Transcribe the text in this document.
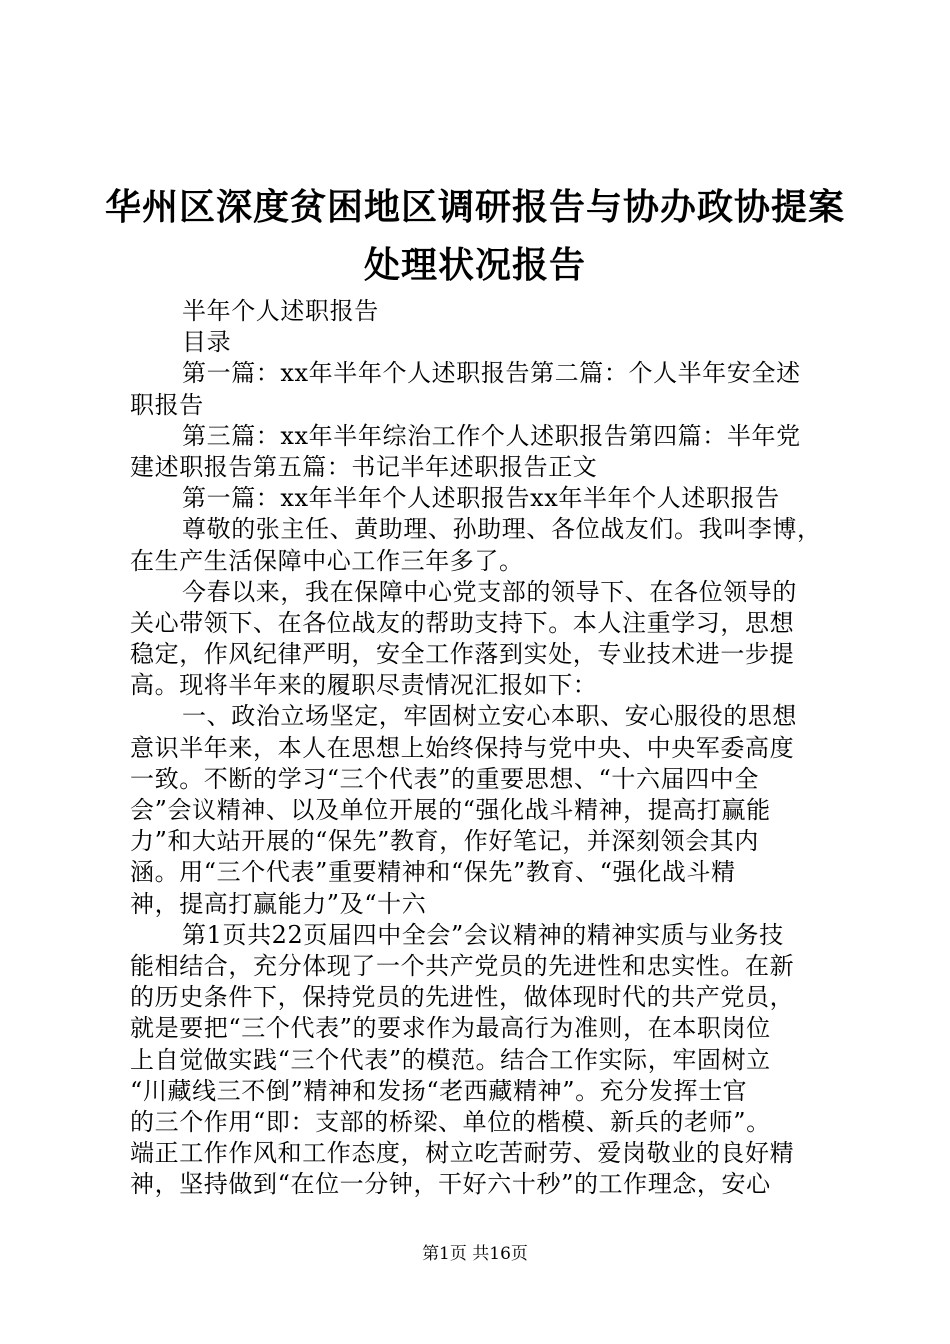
华州区深度贫困地区调研报告与协办政协提案
处理状况报告
半年个人述职报告
目录
第一篇：xx年半年个人述职报告第二篇：个人半年安全述
职报告
第三篇：xx年半年综治工作个人述职报告第四篇：半年党
建述职报告第五篇：书记半年述职报告正文
第一篇：xx年半年个人述职报告xx年半年个人述职报告
尊敬的张主任、黄助理、孙助理、各位战友们。我叫李博，
在生产生活保障中心工作三年多了。
今春以来，我在保障中心党支部的领导下、在各位领导的
关心带领下、在各位战友的帮助支持下。本人注重学习，思想
稳定，作风纪律严明，安全工作落到实处，专业技术进一步提
高。现将半年来的履职尽责情况汇报如下：
一、政治立场坚定，牢固树立安心本职、安心服役的思想
意识半年来，本人在思想上始终保持与党中央、中央军委高度
一致。不断的学习“三个代表”的重要思想、“十六届四中全
会”会议精神、以及单位开展的“强化战斗精神，提高打赢能
力”和大站开展的“保先”教育，作好笔记，并深刻领会其内
涵。用“三个代表”重要精神和“保先”教育、“强化战斗精
神，提高打赢能力”及“十六
第1页共22页届四中全会”会议精神的精神实质与业务技
能相结合，充分体现了一个共产党员的先进性和忠实性。在新
的历史条件下，保持党员的先进性，做体现时代的共产党员，
就是要把“三个代表”的要求作为最高行为准则，在本职岗位
上自觉做实践“三个代表”的模范。结合工作实际，牢固树立
“川藏线三不倒”精神和发扬“老西藏精神”。充分发挥士官
的三个作用“即：支部的桥梁、单位的楷模、新兵的老师”。
端正工作作风和工作态度，树立吃苦耐劳、爱岗敬业的良好精
神，坚持做到“在位一分钟，干好六十秒”的工作理念，安心
第1页 共16页
